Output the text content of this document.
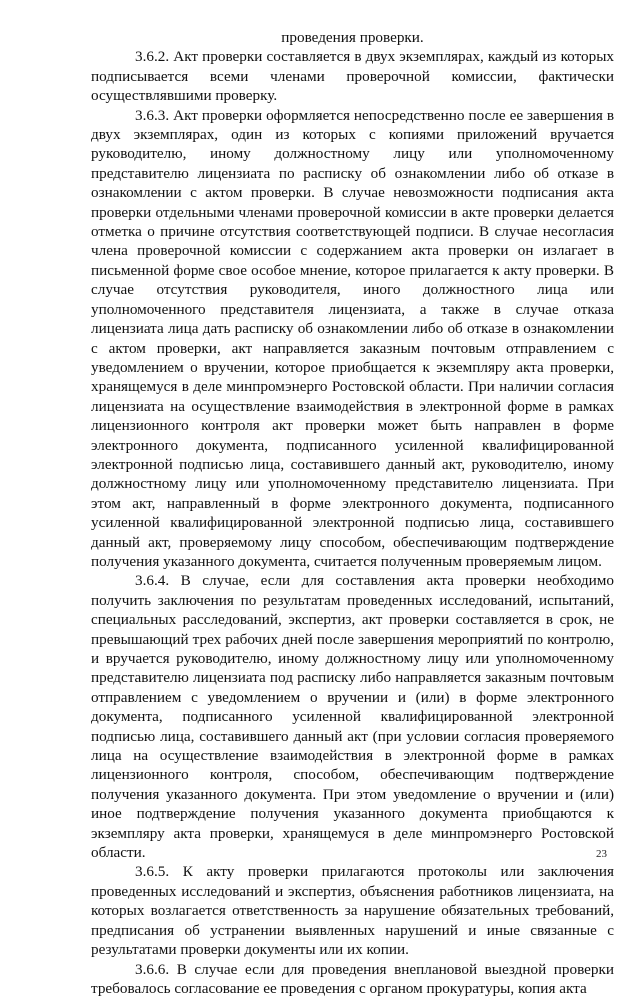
проведения проверки.

3.6.2. Акт проверки составляется в двух экземплярах, каждый из которых подписывается всеми членами проверочной комиссии, фактически осуществлявшими проверку.

3.6.3. Акт проверки оформляется непосредственно после ее завершения в двух экземплярах, один из которых с копиями приложений вручается руководителю, иному должностному лицу или уполномоченному представителю лицензиата по расписку об ознакомлении либо об отказе в ознакомлении с актом проверки. В случае невозможности подписания акта проверки отдельными членами проверочной комиссии в акте проверки делается отметка о причине отсутствия соответствующей подписи. В случае несогласия члена проверочной комиссии с содержанием акта проверки он излагает в письменной форме свое особое мнение, которое прилагается к акту проверки. В случае отсутствия руководителя, иного должностного лица или уполномоченного представителя лицензиата, а также в случае отказа лицензиата лица дать расписку об ознакомлении либо об отказе в ознакомлении с актом проверки, акт направляется заказным почтовым отправлением с уведомлением о вручении, которое приобщается к экземпляру акта проверки, хранящемуся в деле минпромэнерго Ростовской области. При наличии согласия лицензиата на осуществление взаимодействия в электронной форме в рамках лицензионного контроля акт проверки может быть направлен в форме электронного документа, подписанного усиленной квалифицированной электронной подписью лица, составившего данный акт, руководителю, иному должностному лицу или уполномоченному представителю лицензиата. При этом акт, направленный в форме электронного документа, подписанного усиленной квалифицированной электронной подписью лица, составившего данный акт, проверяемому лицу способом, обеспечивающим подтверждение получения указанного документа, считается полученным проверяемым лицом.

3.6.4. В случае, если для составления акта проверки необходимо получить заключения по результатам проведенных исследований, испытаний, специальных расследований, экспертиз, акт проверки составляется в срок, не превышающий трех рабочих дней после завершения мероприятий по контролю, и вручается руководителю, иному должностному лицу или уполномоченному представителю лицензиата под расписку либо направляется заказным почтовым отправлением с уведомлением о вручении и (или) в форме электронного документа, подписанного усиленной квалифицированной электронной подписью лица, составившего данный акт (при условии согласия проверяемого лица на осуществление взаимодействия в электронной форме в рамках лицензионного контроля, способом, обеспечивающим подтверждение получения указанного документа. При этом уведомление о вручении и (или) иное подтверждение получения указанного документа приобщаются к экземпляру акта проверки, хранящемуся в деле минпромэнерго Ростовской области.

3.6.5. К акту проверки прилагаются протоколы или заключения проведенных исследований и экспертиз, объяснения работников лицензиата, на которых возлагается ответственность за нарушение обязательных требований, предписания об устранении выявленных нарушений и иные связанные с результатами проверки документы или их копии.

3.6.6. В случае если для проведения внеплановой выездной проверки требовалось согласование ее проведения с органом прокуратуры, копия акта

23
